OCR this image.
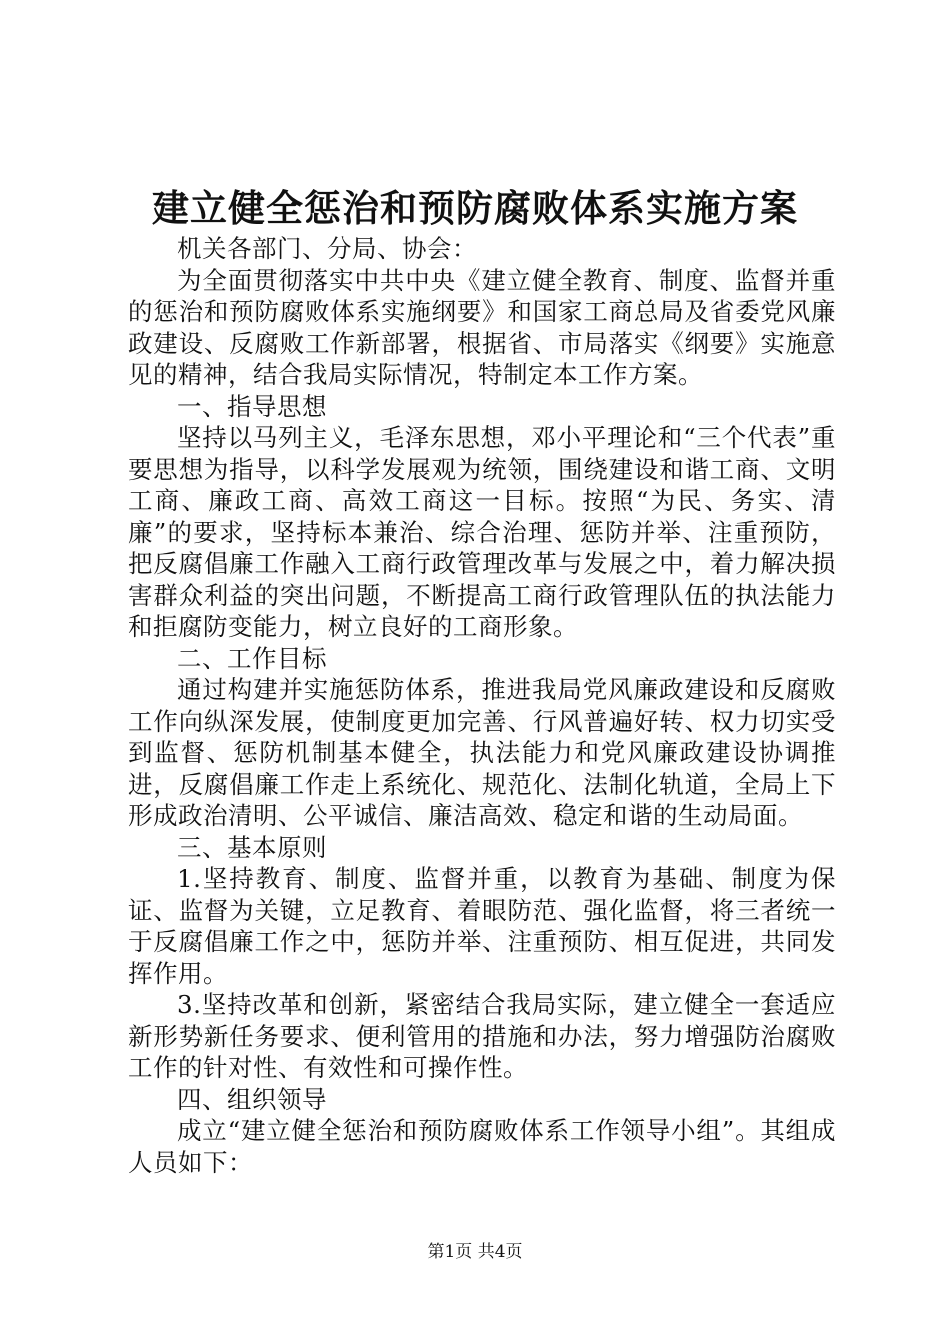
建立健全惩治和预防腐败体系实施方案

机关各部门、分局、协会：

为全面贯彻落实中共中央《建立健全教育、制度、监督并重的惩治和预防腐败体系实施纲要》和国家工商总局及省委党风廉政建设、反腐败工作新部署，根据省、市局落实《纲要》实施意见的精神，结合我局实际情况，特制定本工作方案。

一、指导思想

坚持以马列主义，毛泽东思想，邓小平理论和“三个代表”重要思想为指导，以科学发展观为统领，围绕建设和谐工商、文明工商、廉政工商、高效工商这一目标。按照“为民、务实、清廉”的要求，坚持标本兼治、综合治理、惩防并举、注重预防，把反腐倡廉工作融入工商行政管理改革与发展之中，着力解决损害群众利益的突出问题，不断提高工商行政管理队伍的执法能力和拒腐防变能力，树立良好的工商形象。

二、工作目标

通过构建并实施惩防体系，推进我局党风廉政建设和反腐败工作向纵深发展，使制度更加完善、行风普遍好转、权力切实受到监督、惩防机制基本健全，执法能力和党风廉政建设协调推进，反腐倡廉工作走上系统化、规范化、法制化轨道，全局上下形成政治清明、公平诚信、廉洁高效、稳定和谐的生动局面。

三、基本原则

1.坚持教育、制度、监督并重，以教育为基础、制度为保证、监督为关键，立足教育、着眼防范、强化监督，将三者统一于反腐倡廉工作之中，惩防并举、注重预防、相互促进，共同发挥作用。

3.坚持改革和创新，紧密结合我局实际，建立健全一套适应新形势新任务要求、便利管用的措施和办法，努力增强防治腐败工作的针对性、有效性和可操作性。

四、组织领导

成立“建立健全惩治和预防腐败体系工作领导小组”。其组成人员如下：

第1页 共4页
